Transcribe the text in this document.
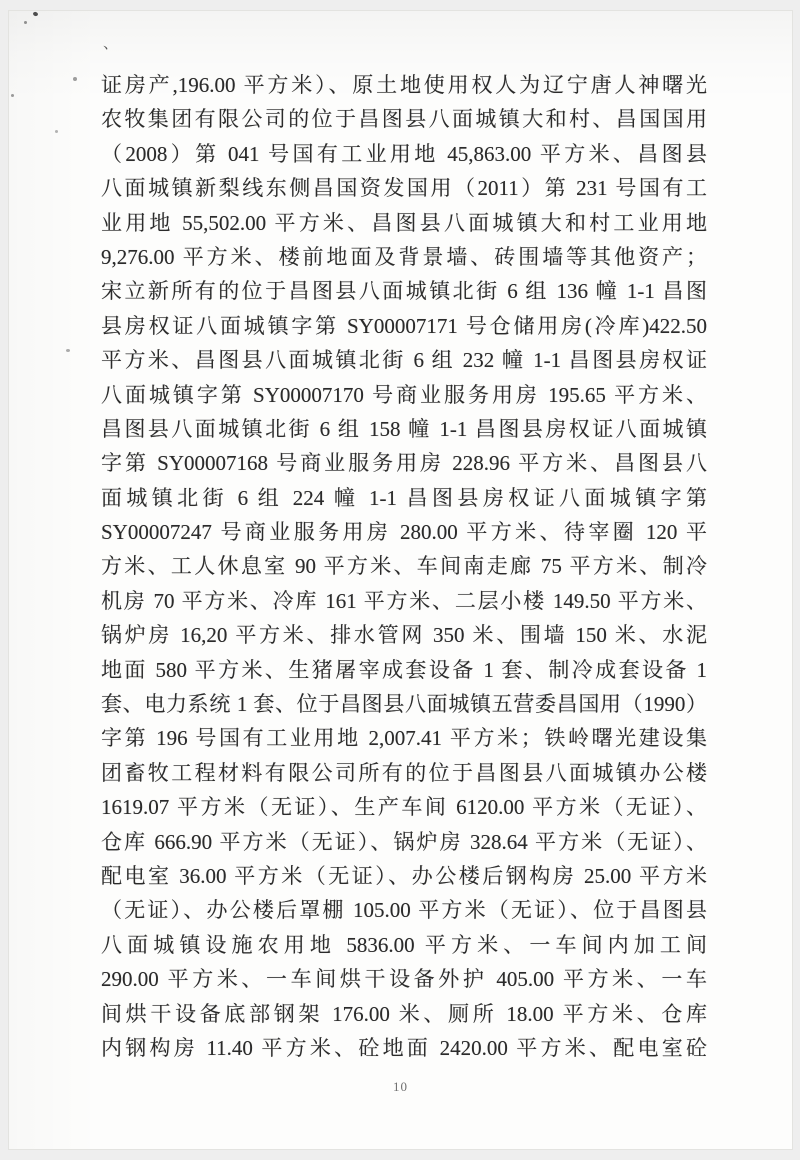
、
证房产,196.00 平方米）、原土地使用权人为辽宁唐人神曙光
农牧集团有限公司的位于昌图县八面城镇大和村、昌国国用
（2008）第 041 号国有工业用地 45,863.00 平方米、昌图县
八面城镇新梨线东侧昌国资发国用（2011）第 231 号国有工
业用地 55,502.00 平方米、昌图县八面城镇大和村工业用地
9,276.00 平方米、楼前地面及背景墙、砖围墙等其他资产；
宋立新所有的位于昌图县八面城镇北街 6 组 136 幢 1-1 昌图
县房权证八面城镇字第 SY00007171 号仓储用房(冷库)422.50
平方米、昌图县八面城镇北街 6 组 232 幢 1-1 昌图县房权证
八面城镇字第 SY00007170 号商业服务用房 195.65 平方米、
昌图县八面城镇北街 6 组 158 幢 1-1 昌图县房权证八面城镇
字第 SY00007168 号商业服务用房 228.96 平方米、昌图县八
面城镇北街 6 组 224 幢 1-1 昌图县房权证八面城镇字第
SY00007247 号商业服务用房 280.00 平方米、待宰圈 120 平
方米、工人休息室 90 平方米、车间南走廊 75 平方米、制冷
机房 70 平方米、冷库 161 平方米、二层小楼 149.50 平方米、
锅炉房 16,20 平方米、排水管网 350 米、围墙 150 米、水泥
地面 580 平方米、生猪屠宰成套设备 1 套、制冷成套设备 1
套、电力系统 1 套、位于昌图县八面城镇五营委昌国用（1990）
字第 196 号国有工业用地 2,007.41 平方米；铁岭曙光建设集
团畜牧工程材料有限公司所有的位于昌图县八面城镇办公楼
1619.07 平方米（无证）、生产车间 6120.00 平方米（无证）、
仓库 666.90 平方米（无证）、锅炉房 328.64 平方米（无证）、
配电室 36.00 平方米（无证）、办公楼后钢构房 25.00 平方米
（无证）、办公楼后罩棚 105.00 平方米（无证）、位于昌图县
八面城镇设施农用地 5836.00 平方米、一车间内加工间
290.00 平方米、一车间烘干设备外护 405.00 平方米、一车
间烘干设备底部钢架 176.00 米、厕所 18.00 平方米、仓库
内钢构房 11.40 平方米、砼地面 2420.00 平方米、配电室砼
10
